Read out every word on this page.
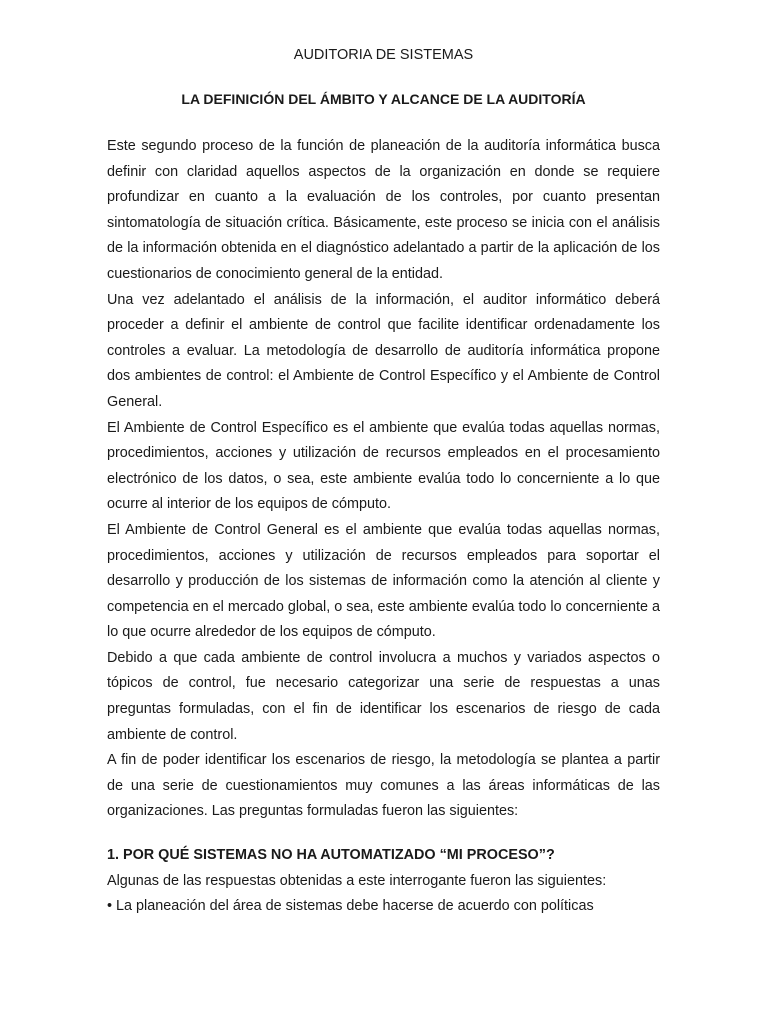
AUDITORIA DE SISTEMAS

LA DEFINICIÓN DEL ÁMBITO Y ALCANCE DE LA AUDITORÍA

Este segundo proceso de la función de planeación de la auditoría informática busca definir con claridad aquellos aspectos de la organización en donde se requiere profundizar en cuanto a la evaluación de los controles, por cuanto presentan sintomatología de situación crítica. Básicamente, este proceso se inicia con el análisis de la información obtenida en el diagnóstico adelantado a partir de la aplicación de los cuestionarios de conocimiento general de la entidad.

Una vez adelantado el análisis de la información, el auditor informático deberá proceder a definir el ambiente de control que facilite identificar ordenadamente los controles a evaluar. La metodología de desarrollo de auditoría informática propone dos ambientes de control: el Ambiente de Control Específico y el Ambiente de Control General.

El Ambiente de Control Específico es el ambiente que evalúa todas aquellas normas, procedimientos, acciones y utilización de recursos empleados en el procesamiento electrónico de los datos, o sea, este ambiente evalúa todo lo concerniente a lo que ocurre al interior de los equipos de cómputo.

El Ambiente de Control General es el ambiente que evalúa todas aquellas normas, procedimientos, acciones y utilización de recursos empleados para soportar el desarrollo y producción de los sistemas de información como la atención al cliente y competencia en el mercado global, o sea, este ambiente evalúa todo lo concerniente a lo que ocurre alrededor de los equipos de cómputo.

Debido a que cada ambiente de control involucra a muchos y variados aspectos o tópicos de control, fue necesario categorizar una serie de respuestas a unas preguntas formuladas, con el fin de identificar los escenarios de riesgo de cada ambiente de control.

A fin de poder identificar los escenarios de riesgo, la metodología se plantea a partir de una serie de cuestionamientos muy comunes a las áreas informáticas de las organizaciones. Las preguntas formuladas fueron las siguientes:

1. POR QUÉ SISTEMAS NO HA AUTOMATIZADO “MI PROCESO”?

Algunas de las respuestas obtenidas a este interrogante fueron las siguientes:

• La planeación del área de sistemas debe hacerse de acuerdo con políticas
